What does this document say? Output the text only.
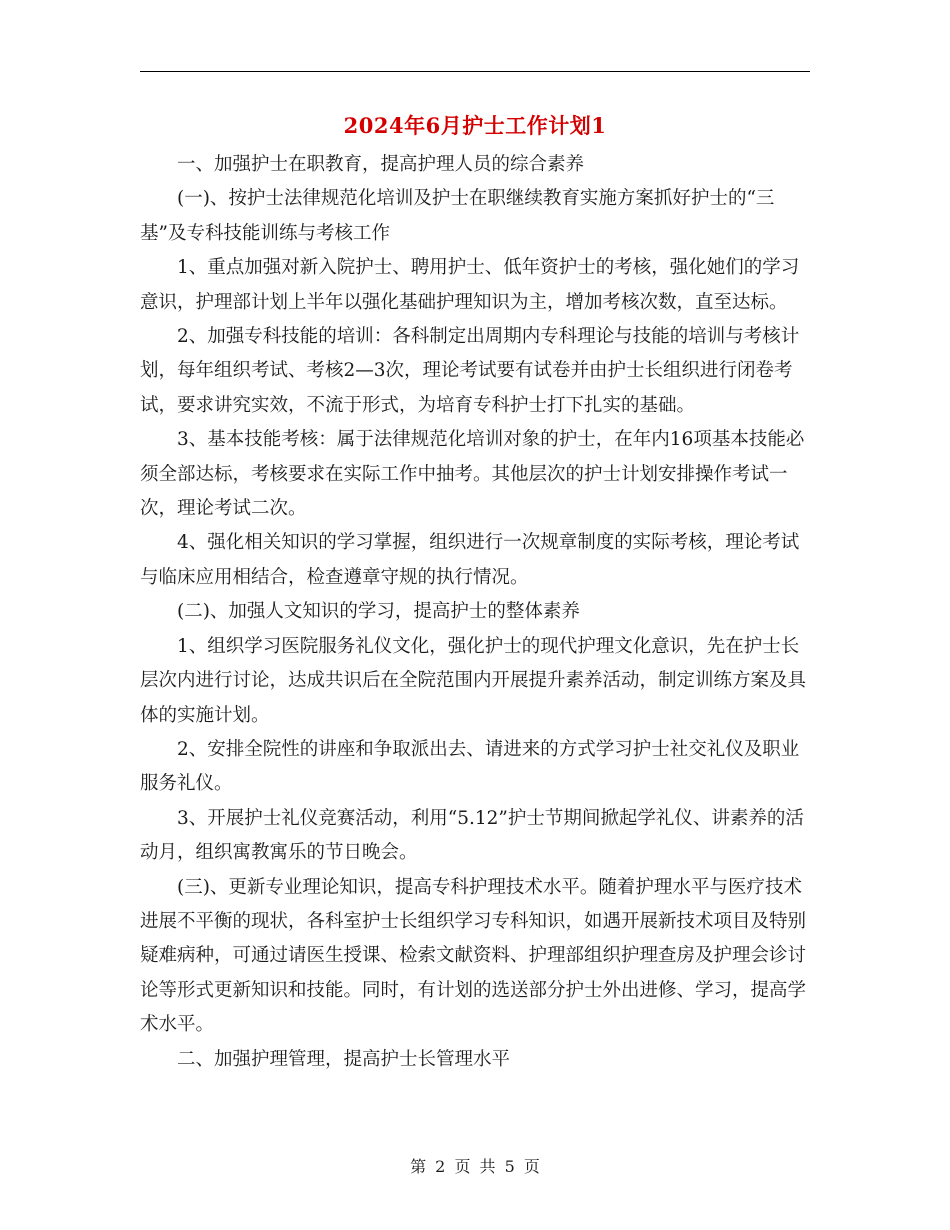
2024年6月护士工作计划1

一、加强护士在职教育，提高护理人员的综合素养

(一)、按护士法律规范化培训及护士在职继续教育实施方案抓好护士的“三基”及专科技能训练与考核工作

1、重点加强对新入院护士、聘用护士、低年资护士的考核，强化她们的学习意识，护理部计划上半年以强化基础护理知识为主，增加考核次数，直至达标。

2、加强专科技能的培训：各科制定出周期内专科理论与技能的培训与考核计划，每年组织考试、考核2—3次，理论考试要有试卷并由护士长组织进行闭卷考试，要求讲究实效，不流于形式，为培育专科护士打下扎实的基础。

3、基本技能考核：属于法律规范化培训对象的护士，在年内16项基本技能必须全部达标，考核要求在实际工作中抽考。其他层次的护士计划安排操作考试一次，理论考试二次。

4、强化相关知识的学习掌握，组织进行一次规章制度的实际考核，理论考试与临床应用相结合，检查遵章守规的执行情况。

(二)、加强人文知识的学习，提高护士的整体素养

1、组织学习医院服务礼仪文化，强化护士的现代护理文化意识，先在护士长层次内进行讨论，达成共识后在全院范围内开展提升素养活动，制定训练方案及具体的实施计划。

2、安排全院性的讲座和争取派出去、请进来的方式学习护士社交礼仪及职业服务礼仪。

3、开展护士礼仪竞赛活动，利用“5.12”护士节期间掀起学礼仪、讲素养的活动月，组织寓教寓乐的节日晚会。

(三)、更新专业理论知识，提高专科护理技术水平。随着护理水平与医疗技术进展不平衡的现状，各科室护士长组织学习专科知识，如遇开展新技术项目及特别疑难病种，可通过请医生授课、检索文献资料、护理部组织护理查房及护理会诊讨论等形式更新知识和技能。同时，有计划的选送部分护士外出进修、学习，提高学术水平。

二、加强护理管理，提高护士长管理水平

第 2 页 共 5 页
